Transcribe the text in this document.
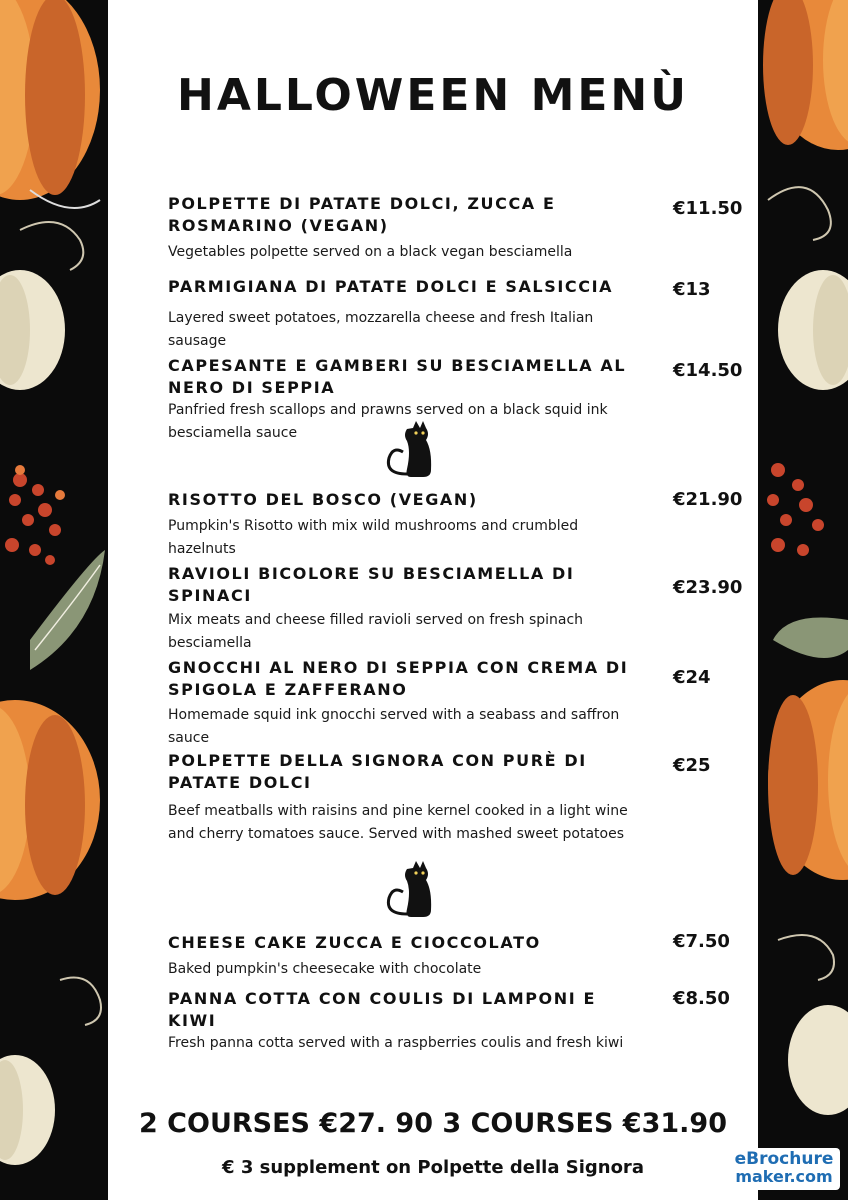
HALLOWEEN MENÙ
POLPETTE DI PATATE DOLCI, ZUCCA E ROSMARINO (VEGAN)
Vegetables polpette served on a black vegan besciamella
€11.50
PARMIGIANA DI PATATE DOLCI E SALSICCIA
Layered sweet potatoes, mozzarella cheese and fresh Italian sausage
€13
CAPESANTE E GAMBERI SU BESCIAMELLA AL NERO DI SEPPIA
Panfried fresh scallops and prawns served on a black squid ink besciamella sauce
€14.50
RISOTTO DEL BOSCO (VEGAN)
Pumpkin's Risotto with mix wild mushrooms and crumbled hazelnuts
€21.90
RAVIOLI BICOLORE SU BESCIAMELLA DI SPINACI
Mix meats and cheese filled ravioli served on fresh spinach besciamella
€23.90
GNOCCHI AL NERO DI SEPPIA CON CREMA DI SPIGOLA E ZAFFERANO
Homemade squid ink gnocchi served with a seabass and saffron sauce
€24
POLPETTE DELLA SIGNORA CON PURÈ DI PATATE DOLCI
Beef meatballs with raisins and pine kernel cooked in a light wine and cherry tomatoes sauce. Served with mashed sweet potatoes
€25
CHEESE CAKE ZUCCA E CIOCCOLATO
Baked pumpkin's cheesecake with chocolate
€7.50
PANNA COTTA CON COULIS DI LAMPONI E KIWI
Fresh panna cotta served with a raspberries coulis and fresh kiwi
€8.50
2 COURSES €27. 90 3 COURSES €31.90
€ 3 supplement on Polpette della Signora	eBrochure
maker.com
